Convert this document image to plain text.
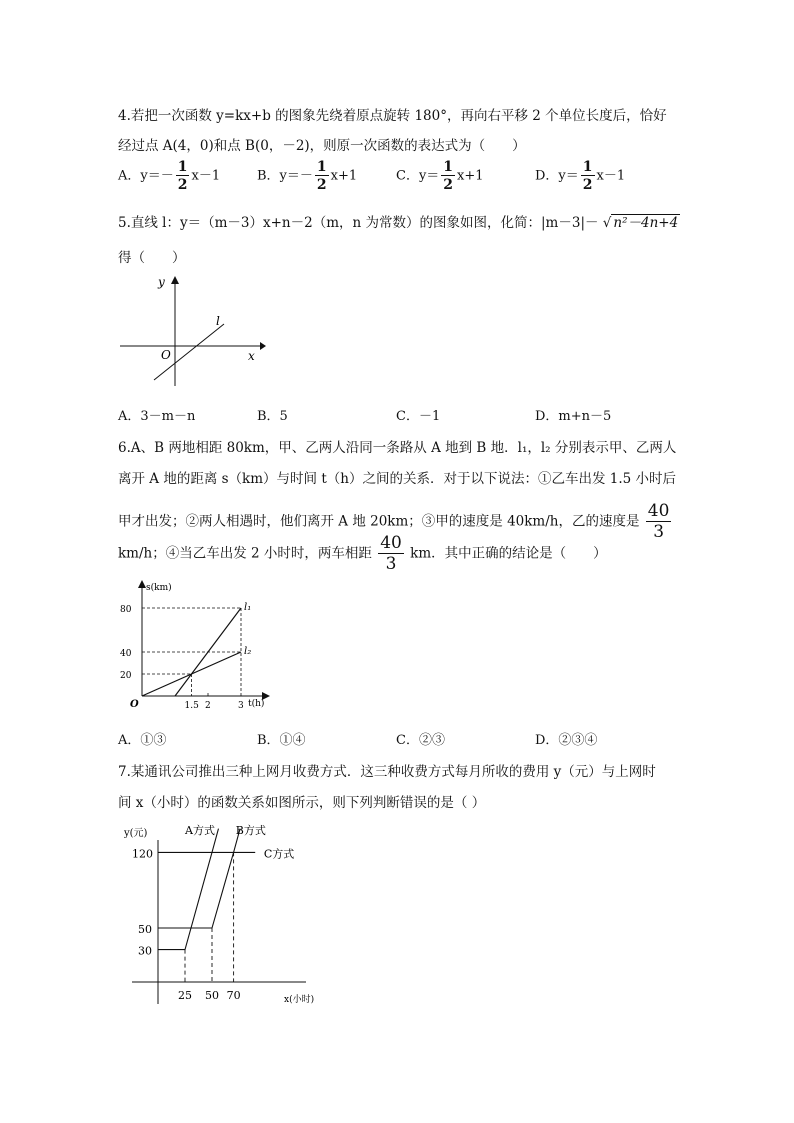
4.若把一次函数 y=kx+b 的图象先绕着原点旋转 180°，再向右平移 2 个单位长度后，恰好
经过点 A(4，0)和点 B(0，－2)，则原一次函数的表达式为（　　）
A．$y=- \frac{1}{2} x-1$	B．$y=- \frac{1}{2} x+1$	C．$y= \frac{1}{2} x+1$	D．$y= \frac{1}{2} x-1$
5.直线 l：y＝（m－3）x+n－2（m，n 为常数）的图象如图，化简：|m－3|－ √ n²－4n+4
得（　　）
y
x
O
l
A．3－m－n	B．5	C．－1	D．m+n－5
6.A、B 两地相距 80km，甲、乙两人沿同一条路从 A 地到 B 地．l₁，l₂ 分别表示甲、乙两人
离开 A 地的距离 s（km）与时间 t（h）之间的关系．对于以下说法：①乙车出发 1.5 小时后
甲才出发；②两人相遇时，他们离开 A 地 20km；③甲的速度是 40km/h，乙的速度是 $\frac{40}{3}$
km/h；④当乙车出发 2 小时时，两车相距 $\frac{40}{3}$ km．其中正确的结论是（　　）
s(km)
t(h)
O
80
40
20
1.5 2	3
l₁
l₂
A．①③	B．①④	C．②③	D．②③④
7.某通讯公司推出三种上网月收费方式．这三种收费方式每月所收的费用 y（元）与上网时
间 x（小时）的函数关系如图所示，则下列判断错误的是（ ）
y(元)
x(小时)
120
50
30
25 50 70
A方式 B方式
C方式
